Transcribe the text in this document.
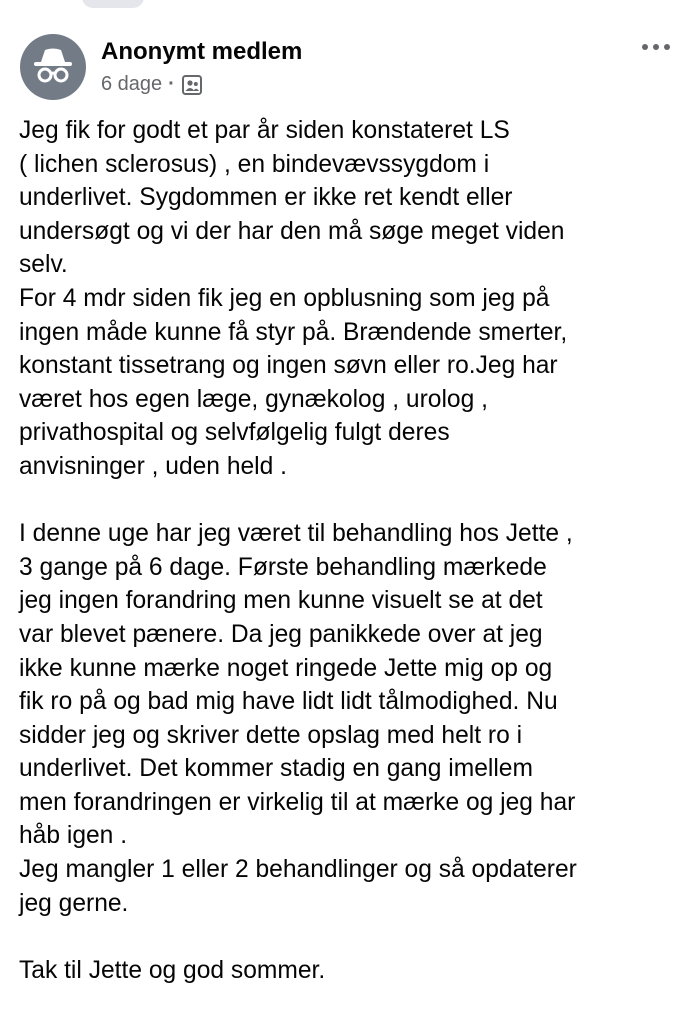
Anonymt medlem
6 dage ·
Jeg fik for godt et par år siden konstateret LS
( lichen sclerosus) , en bindevævssygdom i
underlivet. Sygdommen er ikke ret kendt eller
undersøgt og vi der har den må søge meget viden
selv.
For 4 mdr siden fik jeg en opblusning som jeg på
ingen måde kunne få styr på. Brændende smerter,
konstant tissetrang og ingen søvn eller ro.Jeg har
været hos egen læge, gynækolog , urolog ,
privathospital og selvfølgelig fulgt deres
anvisninger , uden held .
I denne uge har jeg været til behandling hos Jette ,
3 gange på 6 dage. Første behandling mærkede
jeg ingen forandring men kunne visuelt se at det
var blevet pænere. Da jeg panikkede over at jeg
ikke kunne mærke noget ringede Jette mig op og
fik ro på og bad mig have lidt lidt tålmodighed. Nu
sidder jeg og skriver dette opslag med helt ro i
underlivet. Det kommer stadig en gang imellem
men forandringen er virkelig til at mærke og jeg har
håb igen .
Jeg mangler 1 eller 2 behandlinger og så opdaterer
jeg gerne.
Tak til Jette og god sommer.
